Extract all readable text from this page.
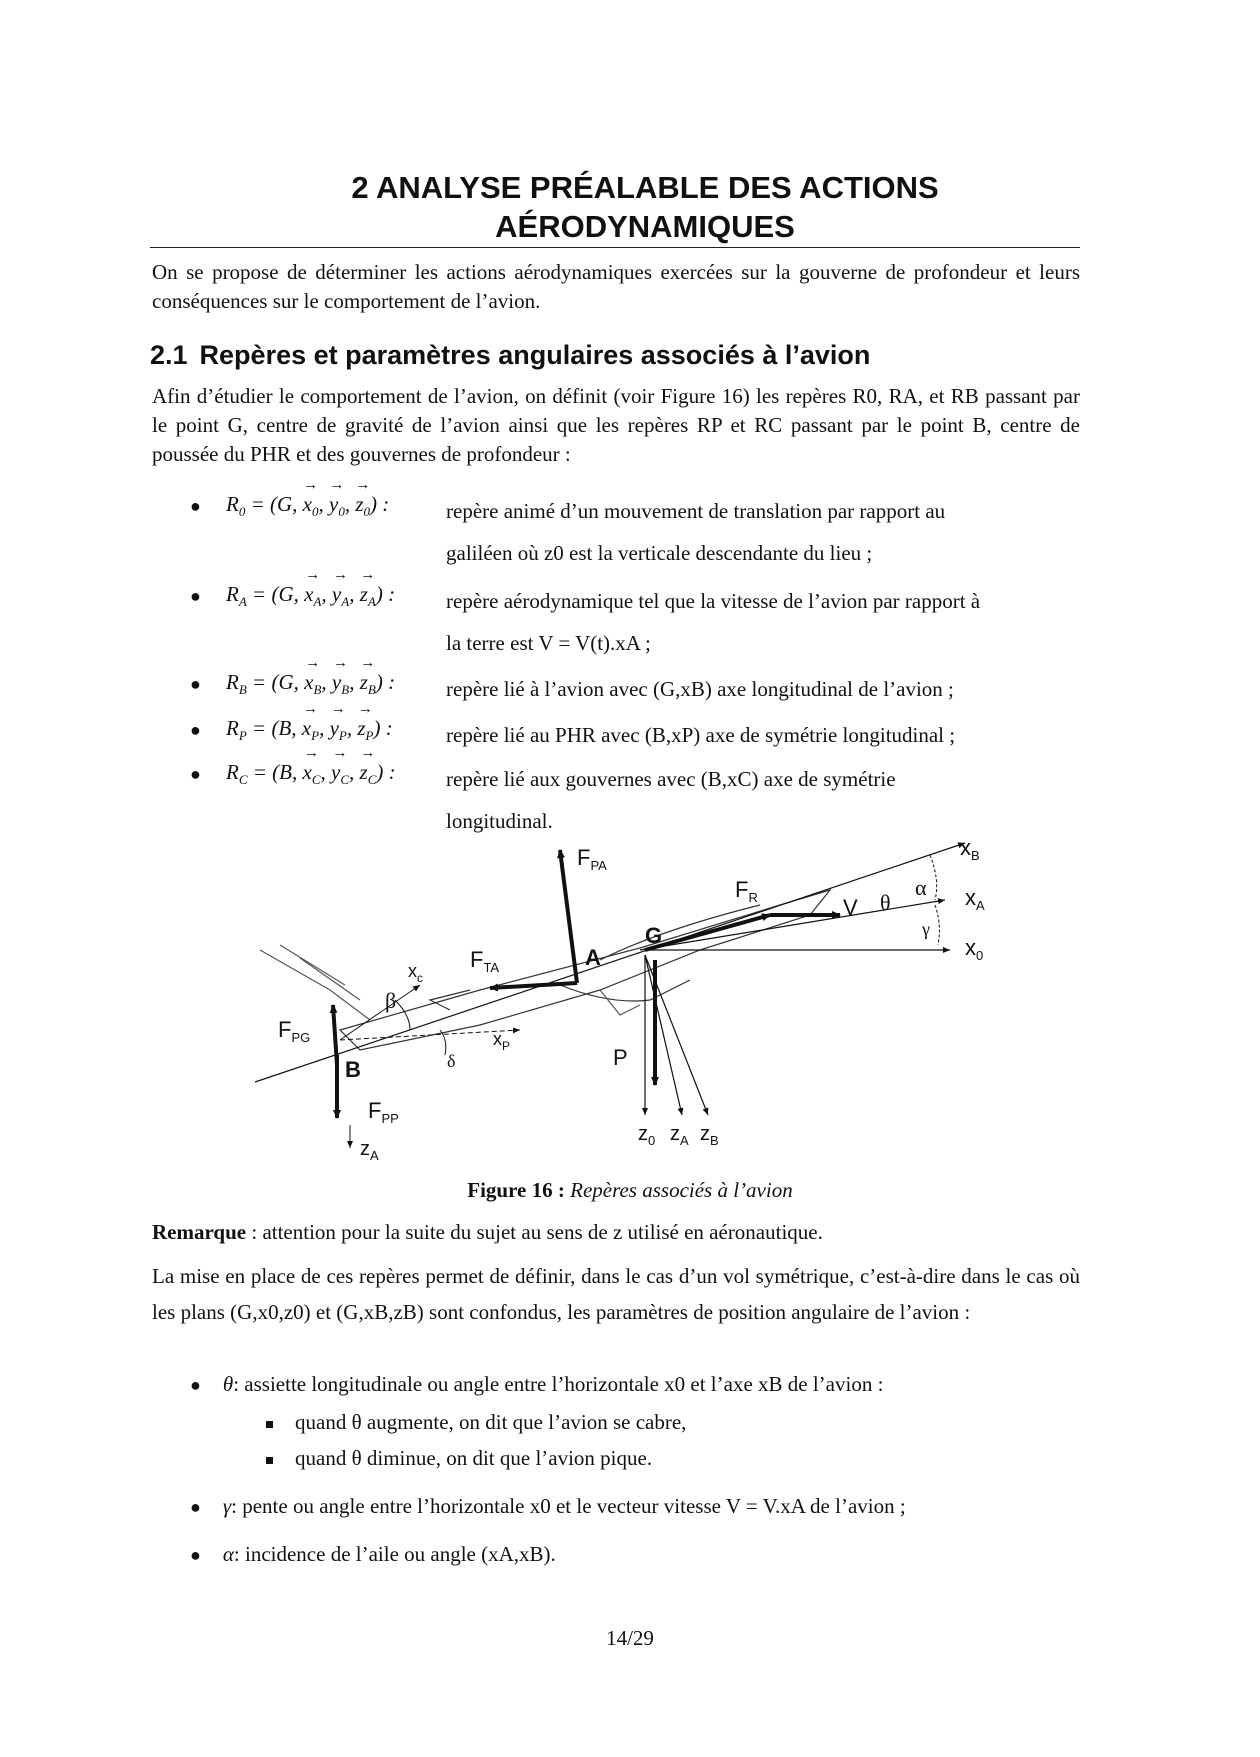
2 ANALYSE PRÉALABLE DES ACTIONS
AÉRODYNAMIQUES
On se propose de déterminer les actions aérodynamiques exercées sur la gouverne de profondeur et leurs conséquences sur le comportement de l’avion.
2.1 Repères et paramètres angulaires associés à l’avion
Afin d’étudier le comportement de l’avion, on définit (voir Figure 16) les repères R0, RA, et RB passant par le point G, centre de gravité de l’avion ainsi que les repères RP et RC passant par le point B, centre de poussée du PHR et des gouvernes de profondeur :
● $R_0 = (G$, → $x_0$, → $y_0$, → $z_0$) :	repère animé d’un mouvement de translation par rapport au
galiléen où z0 est la verticale descendante du lieu ;
● $R_A = (G$, → $x_A$, → $y_A$, → $z_A$) : repère aérodynamique tel que la vitesse de l’avion par rapport à
la terre est V = V(t).xA ;
● $R_B = (G$, → $x_B$, → $y_B$, → $z_B$) : repère lié à l’avion avec (G,xB) axe longitudinal de l’avion ;
● $R_P = (B$, → $x_P$, → $y_P$, → $z_P$) :	repère lié au PHR avec (B,xP) axe de symétrie longitudinal ;
● $R_C = (B$, → $x_C$, → $y_C$, → $z_C$) : repère lié aux gouvernes avec (B,xC) axe de symétrie
longitudinal.
$F_{PA}$
$F_R$	V θ
α
γ
$x_B$
$x_A$
$x_0$
G
A
$F_{TA}$
$x_c$
β
δ
$x_P$
$F_{PG}$
B	P
$F_{PP}$
$z_A$
$z_0$ $z_A$ $z_B$
Figure 16 : Repères associés à l’avion
Remarque : attention pour la suite du sujet au sens de z utilisé en aéronautique.
La mise en place de ces repères permet de définir, dans le cas d’un vol symétrique, c’est-à-dire dans le cas où les plans (G,x0,z0) et (G,xB,zB) sont confondus, les paramètres de position angulaire de l’avion :
● θ: assiette longitudinale ou angle entre l’horizontale x0 et l’axe xB de l’avion :
quand θ augmente, on dit que l’avion se cabre,
quand θ diminue, on dit que l’avion pique.
● γ: pente ou angle entre l’horizontale x0 et le vecteur vitesse V = V.xA de l’avion ;
● α: incidence de l’aile ou angle (xA,xB).
14/29
